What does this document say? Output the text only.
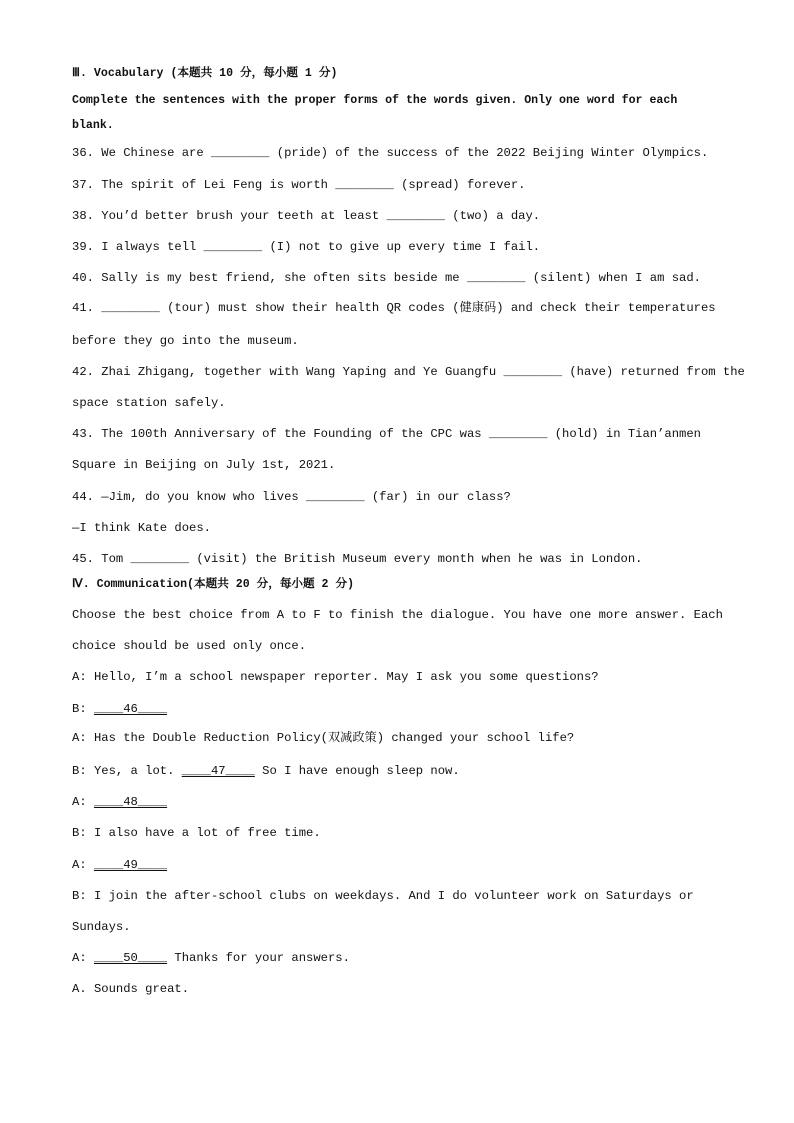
Ⅲ. Vocabulary (本题共 10 分，每小题 1 分)
Complete the sentences with the proper forms of the words given. Only one word for each
blank.
36. We Chinese are ________ (pride) of the success of the 2022 Beijing Winter Olympics.
37. The spirit of Lei Feng is worth ________ (spread) forever.
38. You’d better brush your teeth at least ________ (two) a day.
39. I always tell ________ (I) not to give up every time I fail.
40. Sally is my best friend, she often sits beside me ________ (silent) when I am sad.
41. ________ (tour) must show their health QR codes (健康码) and check their temperatures
before they go into the museum.
42. Zhai Zhigang, together with Wang Yaping and Ye Guangfu ________ (have) returned from the
space station safely.
43. The 100th Anniversary of the Founding of the CPC was ________ (hold) in Tian’anmen
Square in Beijing on July 1st, 2021.
44. —Jim, do you know who lives ________ (far) in our class?
—I think Kate does.
45. Tom ________ (visit) the British Museum every month when he was in London.
Ⅳ. Communication(本题共 20 分，每小题 2 分)
Choose the best choice from A to F to finish the dialogue. You have one more answer. Each
choice should be used only once.
A: Hello, I’m a school newspaper reporter. May I ask you some questions?
B: ____46____
A: Has the Double Reduction Policy(双减政策) changed your school life?
B: Yes, a lot. ____47____ So I have enough sleep now.
A: ____48____
B: I also have a lot of free time.
A: ____49____
B: I join the after-school clubs on weekdays. And I do volunteer work on Saturdays or
Sundays.
A: ____50____ Thanks for your answers.
A. Sounds great.
